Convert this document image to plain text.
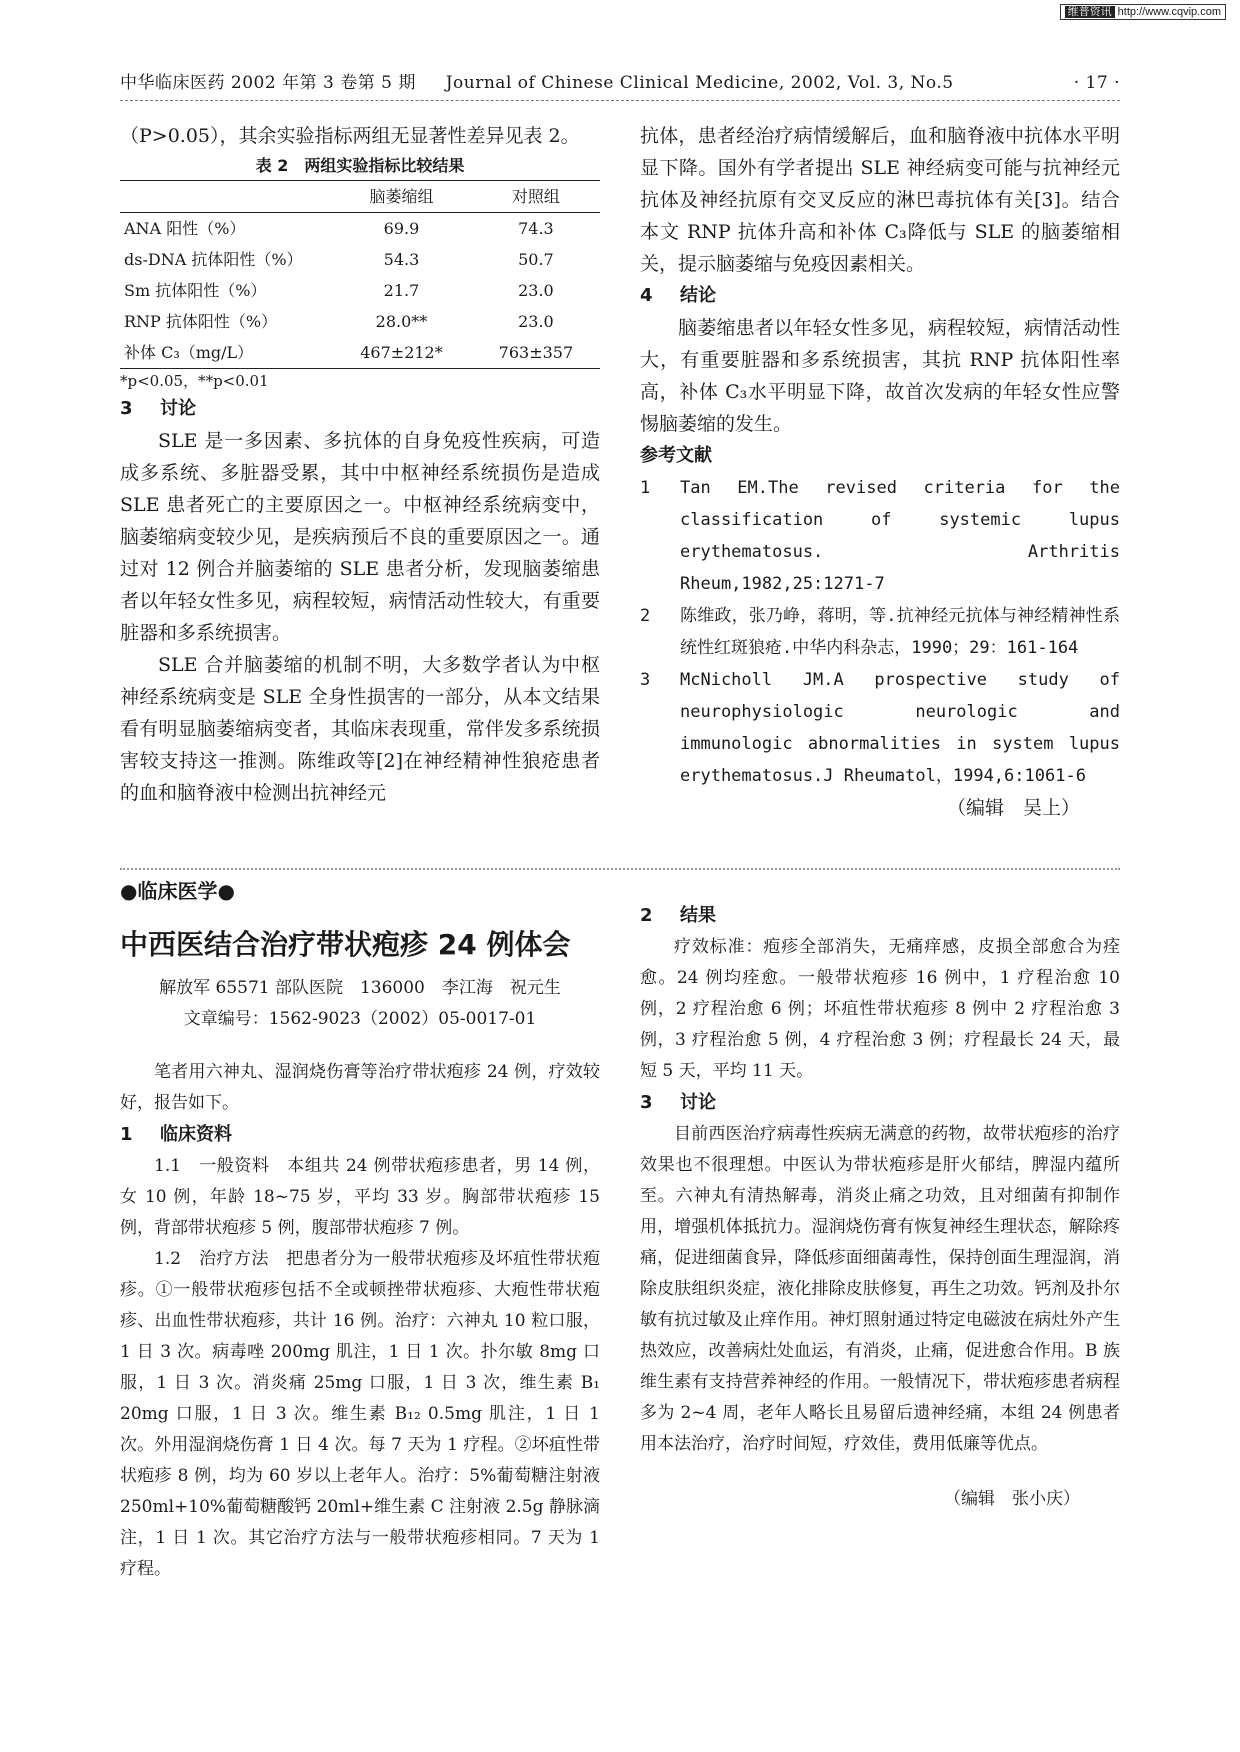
维普资讯 http://www.cqvip.com
中华临床医药 2002 年第 3 卷第 5 期 Journal of Chinese Clinical Medicine, 2002, Vol. 3, No.5	· 17 ·

（P>0.05），其余实验指标两组无显著性差异见表 2。

表 2　两组实验指标比较结果
	脑萎缩组	对照组
ANA 阳性（%）	69.9	74.3
ds-DNA 抗体阳性（%）	54.3	50.7
Sm 抗体阳性（%）	21.7	23.0
RNP 抗体阳性（%）	28.0**	23.0
补体 C₃（mg/L）	467±212*	763±357
*p<0.05，**p<0.01
3 讨论

SLE 是一多因素、多抗体的自身免疫性疾病，可造成多系统、多脏器受累，其中中枢神经系统损伤是造成 SLE 患者死亡的主要原因之一。中枢神经系统病变中，脑萎缩病变较少见，是疾病预后不良的重要原因之一。通过对 12 例合并脑萎缩的 SLE 患者分析，发现脑萎缩患者以年轻女性多见，病程较短，病情活动性较大，有重要脏器和多系统损害。

SLE 合并脑萎缩的机制不明，大多数学者认为中枢神经系统病变是 SLE 全身性损害的一部分，从本文结果看有明显脑萎缩病变者，其临床表现重，常伴发多系统损害较支持这一推测。陈维政等[2]在神经精神性狼疮患者的血和脑脊液中检测出抗神经元

抗体，患者经治疗病情缓解后，血和脑脊液中抗体水平明显下降。国外有学者提出 SLE 神经病变可能与抗神经元抗体及神经抗原有交叉反应的淋巴毒抗体有关[3]。结合本文 RNP 抗体升高和补体 C₃降低与 SLE 的脑萎缩相关，提示脑萎缩与免疫因素相关。

4 结论

脑萎缩患者以年轻女性多见，病程较短，病情活动性大，有重要脏器和多系统损害，其抗 RNP 抗体阳性率高，补体 C₃水平明显下降，故首次发病的年轻女性应警惕脑萎缩的发生。

参考文献
1	Tan EM.The revised criteria for the classification of systemic lupus erythematosus. Arthritis Rheum,1982,25:1271-7
2	陈维政，张乃峥，蒋明，等.抗神经元抗体与神经精神性系统性红斑狼疮.中华内科杂志，1990；29：161-164
3	McNicholl JM.A prospective study of neurophysiologic neurologic and immunologic abnormalities in system lupus erythematosus.J Rheumatol，1994,6:1061-6
（编辑　吴上）
●临床医学●
中西医结合治疗带状疱疹 24 例体会
解放军 65571 部队医院　136000　李江海　祝元生
文章编号：1562-9023（2002）05-0017-01

笔者用六神丸、湿润烧伤膏等治疗带状疱疹 24 例，疗效较好，报告如下。

1 临床资料

1.1　一般资料　本组共 24 例带状疱疹患者，男 14 例，女 10 例，年龄 18~75 岁，平均 33 岁。胸部带状疱疹 15 例，背部带状疱疹 5 例，腹部带状疱疹 7 例。

1.2　治疗方法　把患者分为一般带状疱疹及坏疽性带状疱疹。①一般带状疱疹包括不全或顿挫带状疱疹、大疱性带状疱疹、出血性带状疱疹，共计 16 例。治疗：六神丸 10 粒口服，1 日 3 次。病毒唑 200mg 肌注，1 日 1 次。扑尔敏 8mg 口服，1 日 3 次。消炎痛 25mg 口服，1 日 3 次，维生素 B₁ 20mg 口服，1 日 3 次。维生素 B₁₂ 0.5mg 肌注，1 日 1 次。外用湿润烧伤膏 1 日 4 次。每 7 天为 1 疗程。②坏疽性带状疱疹 8 例，均为 60 岁以上老年人。治疗：5%葡萄糖注射液 250ml+10%葡萄糖酸钙 20ml+维生素 C 注射液 2.5g 静脉滴注，1 日 1 次。其它治疗方法与一般带状疱疹相同。7 天为 1 疗程。

2 结果

疗效标准：疱疹全部消失，无痛痒感，皮损全部愈合为痊愈。24 例均痊愈。一般带状疱疹 16 例中，1 疗程治愈 10 例，2 疗程治愈 6 例；坏疽性带状疱疹 8 例中 2 疗程治愈 3 例，3 疗程治愈 5 例，4 疗程治愈 3 例；疗程最长 24 天，最短 5 天，平均 11 天。

3 讨论

目前西医治疗病毒性疾病无满意的药物，故带状疱疹的治疗效果也不很理想。中医认为带状疱疹是肝火郁结，脾湿内蕴所至。六神丸有清热解毒，消炎止痛之功效，且对细菌有抑制作用，增强机体抵抗力。湿润烧伤膏有恢复神经生理状态，解除疼痛，促进细菌食异，降低疹面细菌毒性，保持创面生理湿润，消除皮肤组织炎症，液化排除皮肤修复，再生之功效。钙剂及扑尔敏有抗过敏及止痒作用。神灯照射通过特定电磁波在病灶外产生热效应，改善病灶处血运，有消炎，止痛，促进愈合作用。B 族维生素有支持营养神经的作用。一般情况下，带状疱疹患者病程多为 2~4 周，老年人略长且易留后遗神经痛，本组 24 例患者用本法治疗，治疗时间短，疗效佳，费用低廉等优点。

（编辑　张小庆）
